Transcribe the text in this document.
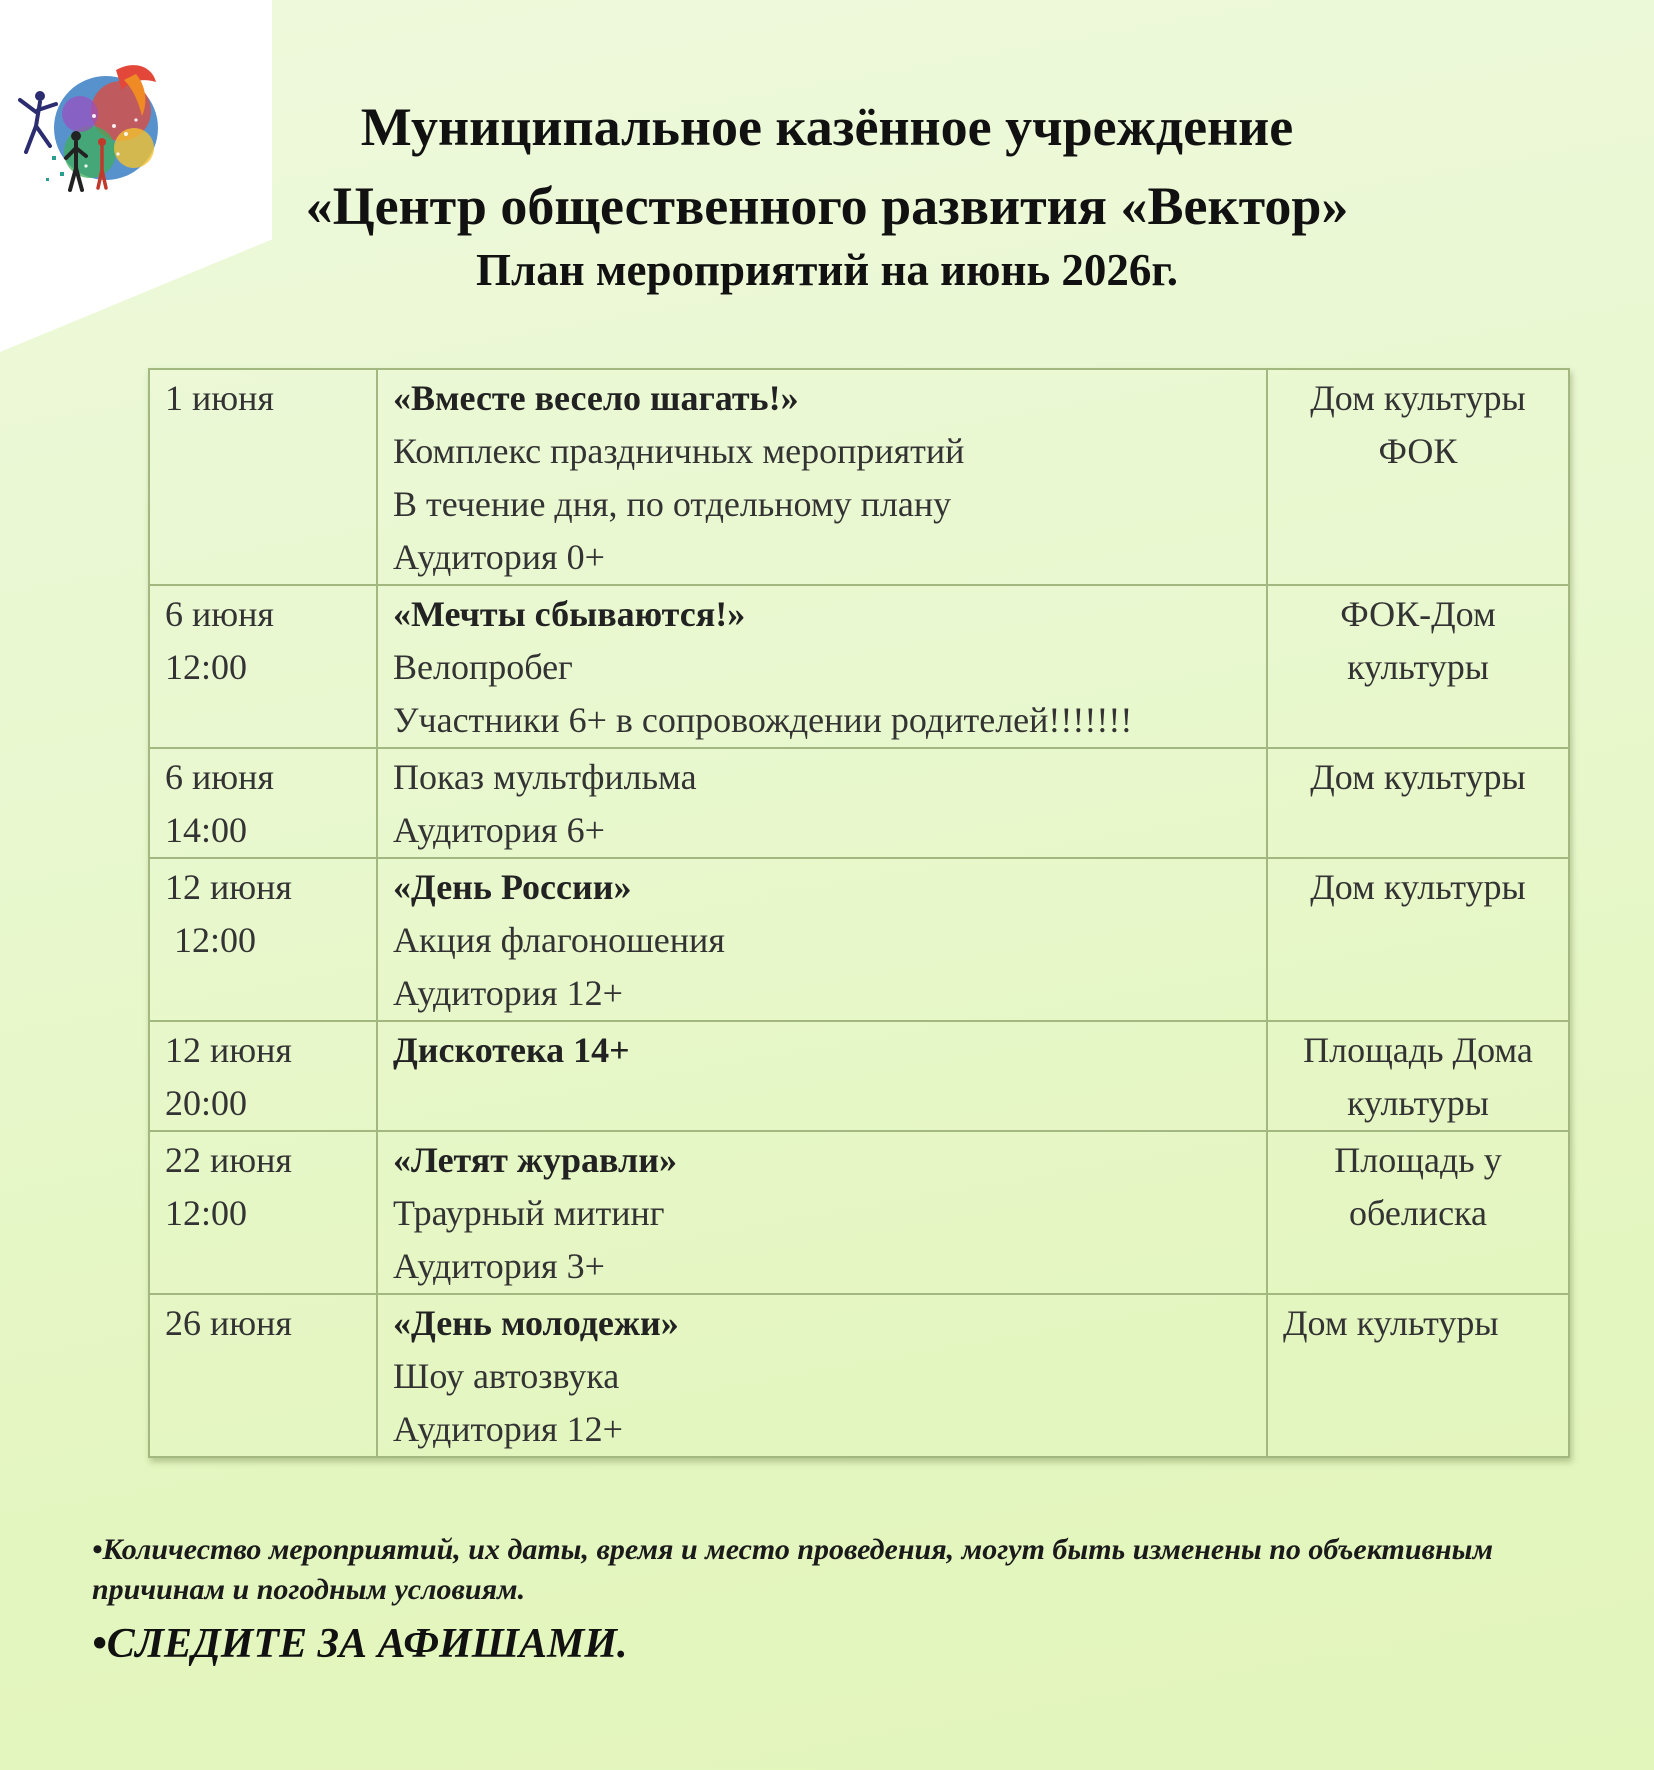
Муниципальное казённое учреждение
«Центр общественного развития «Вектор»
План мероприятий на июнь 2026г.
1 июня	«Вместе весело шагать!»
Комплекс праздничных мероприятий
В течение дня, по отдельному плану
Аудитория 0+	Дом культуры
ФОК

6 июня
12:00	«Мечты сбываются!»
Велопробег
Участники 6+ в сопровождении родителей!!!!!!!	ФОК-Дом
культуры

6 июня
14:00	Показ мультфильма
Аудитория 6+	Дом культуры

12 июня
12:00	«День России»
Акция флагоношения
Аудитория 12+	Дом культуры

12 июня
20:00	Дискотека 14+	Площадь Дома
культуры

22 июня
12:00	«Летят журавли»
Траурный митинг
Аудитория 3+	Площадь у
обелиска

26 июня	«День молодежи»
Шоу автозвука
Аудитория 12+	Дом культуры
•Количество мероприятий, их даты, время и место проведения, могут быть изменены по объективным причинам и погодным условиям.
•СЛЕДИТЕ ЗА АФИШАМИ.
